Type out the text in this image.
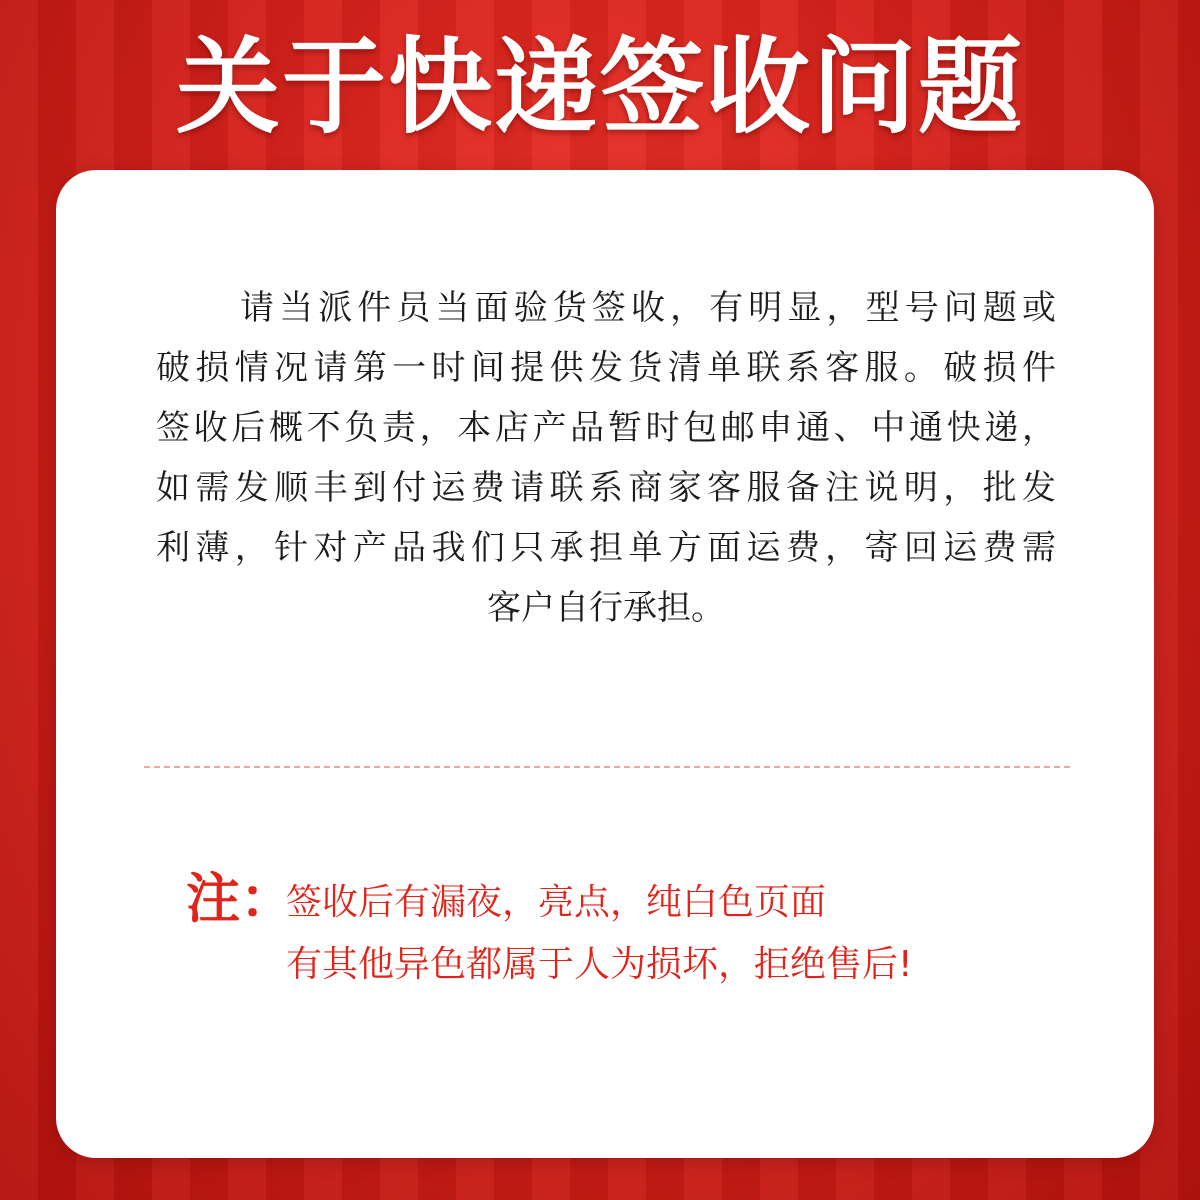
关于快递签收问题
请当派件员当面验货签收，有明显，型号问题或
破损情况请第一时间提供发货清单联系客服。破损件
签收后概不负责，本店产品暂时包邮申通、中通快递，
如需发顺丰到付运费请联系商家客服备注说明，批发
利薄，针对产品我们只承担单方面运费，寄回运费需
客户自行承担。
注：
签收后有漏夜，亮点，纯白色页面
有其他异色都属于人为损坏，拒绝售后!
